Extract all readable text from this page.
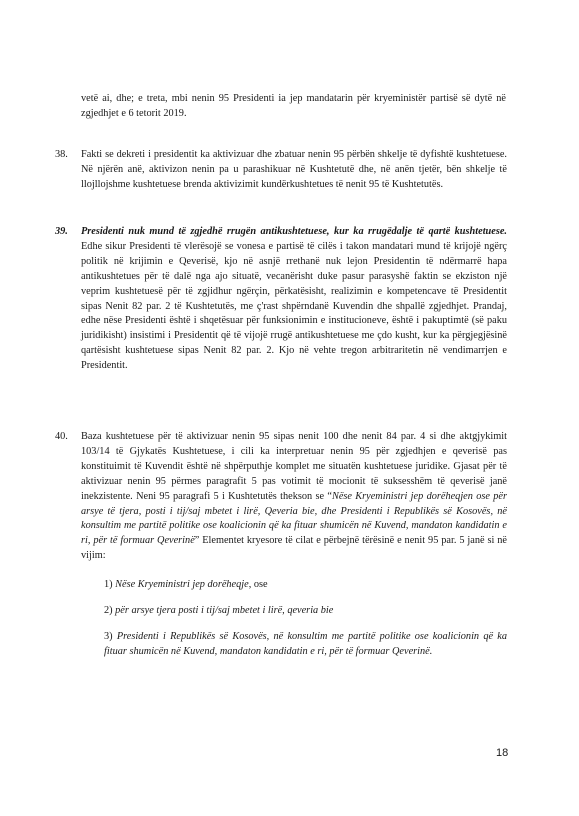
vetë ai, dhe; e treta, mbi nenin 95 Presidenti ia jep mandatarin për kryeministër partisë së dytë në zgjedhjet e 6 tetorit 2019.
38. Fakti se dekreti i presidentit ka aktivizuar dhe zbatuar nenin 95 përbën shkelje të dyfishtë kushtetuese. Në njërën anë, aktivizon nenin pa u parashikuar në Kushtetutë dhe, në anën tjetër, bën shkelje të llojllojshme kushtetuese brenda aktivizimit kundërkushtetues të nenit 95 të Kushtetutës.
39. Presidenti nuk mund të zgjedhë rrugën antikushtetuese, kur ka rrugëdalje të qartë kushtetuese. Edhe sikur Presidenti të vlerësojë se vonesa e partisë të cilës i takon mandatari mund të krijojë ngërç politik në krijimin e Qeverisë, kjo në asnjë rrethanë nuk lejon Presidentin të ndërmarrë hapa antikushtetues për të dalë nga ajo situatë, vecanërisht duke pasur parasyshë faktin se ekziston një veprim kushtetuesë për të zgjidhur ngërçin, përkatësisht, realizimin e kompetencave të Presidentit sipas Nenit 82 par. 2 të Kushtetutës, me ç'rast shpërndanë Kuvendin dhe shpallë zgjedhjet. Prandaj, edhe nëse Presidenti është i shqetësuar për funksionimin e institucioneve, është i pakuptimtë (së paku juridikisht) insistimi i Presidentit që të vijojë rrugë antikushtetuese me çdo kusht, kur ka përgjegjësinë qartësisht kushtetuese sipas Nenit 82 par. 2. Kjo në vehte tregon arbitraritetin në vendimarrjen e Presidentit.
40. Baza kushtetuese për të aktivizuar nenin 95 sipas nenit 100 dhe nenit 84 par. 4 si dhe aktgjykimit 103/14 të Gjykatës Kushtetuese, i cili ka interpretuar nenin 95 për zgjedhjen e qeverisë pas konstituimit të Kuvendit është në shpërputhje komplet me situatën kushtetuese juridike. Gjasat për të aktivizuar nenin 95 përmes paragrafit 5 pas votimit të mocionit të suksesshëm të qeverisë janë inekzistente. Neni 95 paragrafi 5 i Kushtetutës thekson se “Nëse Kryeministri jep dorëheqjen ose për arsye të tjera, posti i tij/saj mbetet i lirë, Qeveria bie, dhe Presidenti i Republikës së Kosovës, në konsultim me partitë politike ose koalicionin që ka fituar shumicën në Kuvend, mandaton kandidatin e ri, për të formuar Qeverinë” Elementet kryesore të cilat e përbejnë tërësinë e nenit 95 par. 5 janë si në vijim:
1) Nëse Kryeministri jep dorëheqje, ose
2) për arsye tjera posti i tij/saj mbetet i lirë, qeveria bie
3) Presidenti i Republikës së Kosovës, në konsultim me partitë politike ose koalicionin që ka fituar shumicën në Kuvend, mandaton kandidatin e ri, për të formuar Qeverinë.
18
